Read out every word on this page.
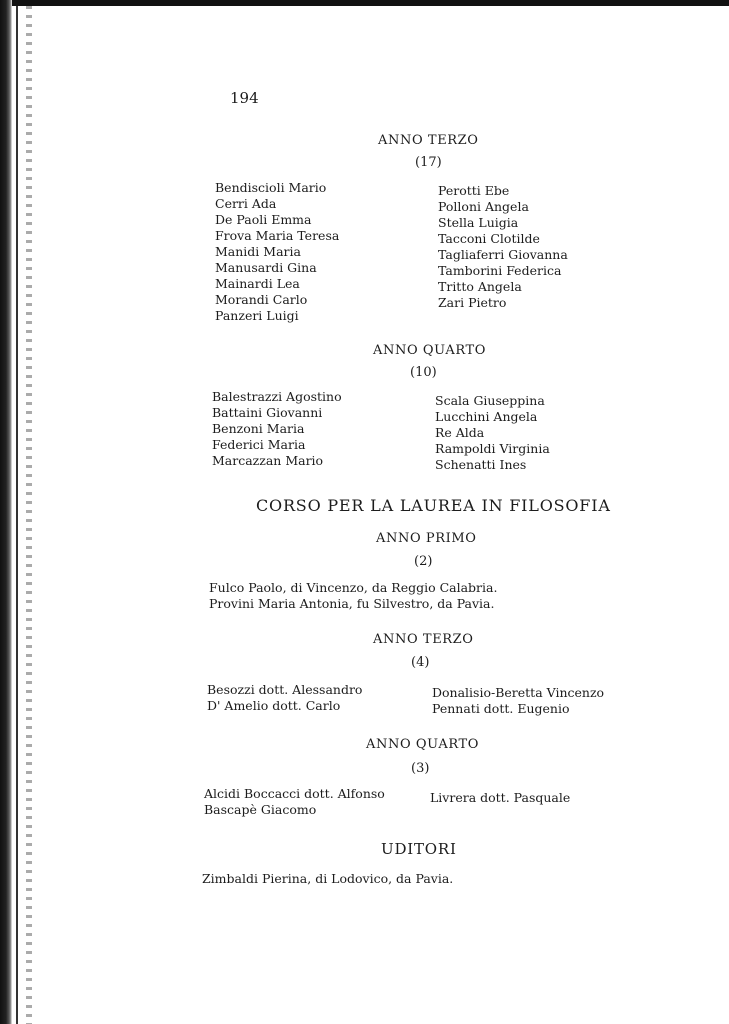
194
ANNO TERZO
(17)
Bendiscioli Mario
Cerri Ada
De Paoli Emma
Frova Maria Teresa
Manidi Maria
Manusardi Gina
Mainardi Lea
Morandi Carlo
Panzeri Luigi
Perotti Ebe
Polloni Angela
Stella Luigia
Tacconi Clotilde
Tagliaferri Giovanna
Tamborini Federica
Tritto Angela
Zari Pietro
ANNO QUARTO
(10)
Balestrazzi Agostino
Battaini Giovanni
Benzoni Maria
Federici Maria
Marcazzan Mario
Scala Giuseppina
Lucchini Angela
Re Alda
Rampoldi Virginia
Schenatti Ines
CORSO PER LA LAUREA IN FILOSOFIA
ANNO PRIMO
(2)
Fulco Paolo, di Vincenzo, da Reggio Calabria.
Provini Maria Antonia, fu Silvestro, da Pavia.
ANNO TERZO
(4)
Besozzi dott. Alessandro
D' Amelio dott. Carlo
Donalisio-Beretta Vincenzo
Pennati dott. Eugenio
ANNO QUARTO
(3)
Alcidi Boccacci dott. Alfonso
Bascapè Giacomo
Livrera dott. Pasquale
UDITORI
Zimbaldi Pierina, di Lodovico, da Pavia.
